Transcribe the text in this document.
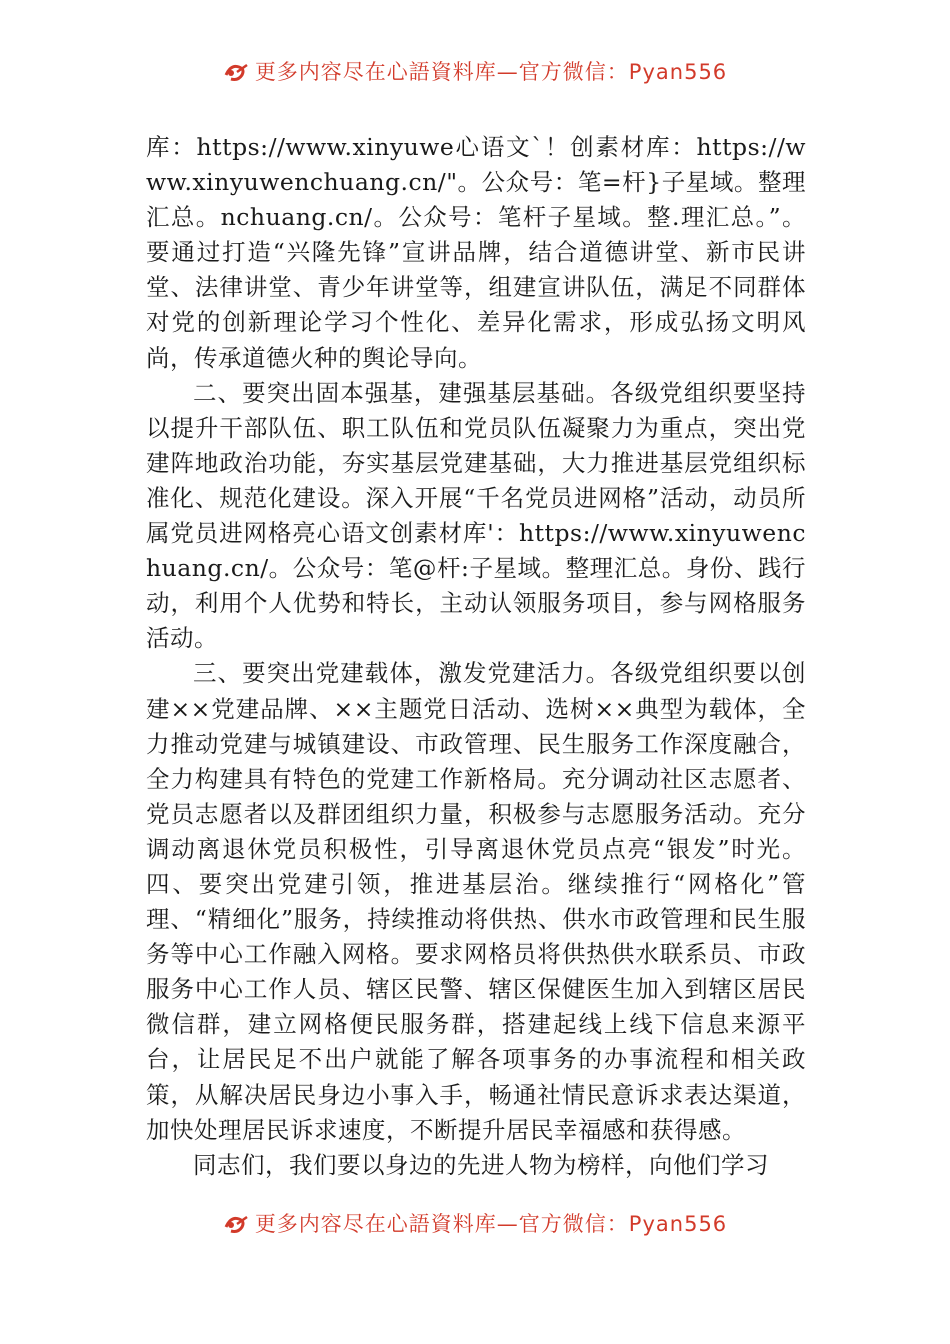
更多内容尽在心語資料库—官方微信：Pyan556

库：https://www.xinyuwe心语文`！创素材库：https://www.xinyuwenchuang.cn/"。公众号：笔=杆}子星域。整理汇总。nchuang.cn/。公众号：笔杆子星域。整.理汇总。”。要通过打造“兴隆先锋”宣讲品牌，结合道德讲堂、新市民讲堂、法律讲堂、青少年讲堂等，组建宣讲队伍，满足不同群体对党的创新理论学习个性化、差异化需求，形成弘扬文明风尚，传承道德火种的舆论导向。

二、要突出固本强基，建强基层基础。各级党组织要坚持以提升干部队伍、职工队伍和党员队伍凝聚力为重点，突出党建阵地政治功能，夯实基层党建基础，大力推进基层党组织标准化、规范化建设。深入开展“千名党员进网格”活动，动员所属党员进网格亮心语文创素材库'：https://www.xinyuwenchuang.cn/。公众号：笔@杆:子星域。整理汇总。身份、践行动，利用个人优势和特长，主动认领服务项目，参与网格服务活动。

三、要突出党建载体，激发党建活力。各级党组织要以创建××党建品牌、××主题党日活动、选树××典型为载体，全力推动党建与城镇建设、市政管理、民生服务工作深度融合，全力构建具有特色的党建工作新格局。充分调动社区志愿者、党员志愿者以及群团组织力量，积极参与志愿服务活动。充分调动离退休党员积极性，引导离退休党员点亮“银发”时光。四、要突出党建引领，推进基层治。继续推行“网格化”管理、“精细化”服务，持续推动将供热、供水市政管理和民生服务等中心工作融入网格。要求网格员将供热供水联系员、市政服务中心工作人员、辖区民警、辖区保健医生加入到辖区居民微信群，建立网格便民服务群，搭建起线上线下信息来源平台，让居民足不出户就能了解各项事务的办事流程和相关政策，从解决居民身边小事入手，畅通社情民意诉求表达渠道，加快处理居民诉求速度，不断提升居民幸福感和获得感。

同志们，我们要以身边的先进人物为榜样，向他们学习

更多内容尽在心語資料库—官方微信：Pyan556
